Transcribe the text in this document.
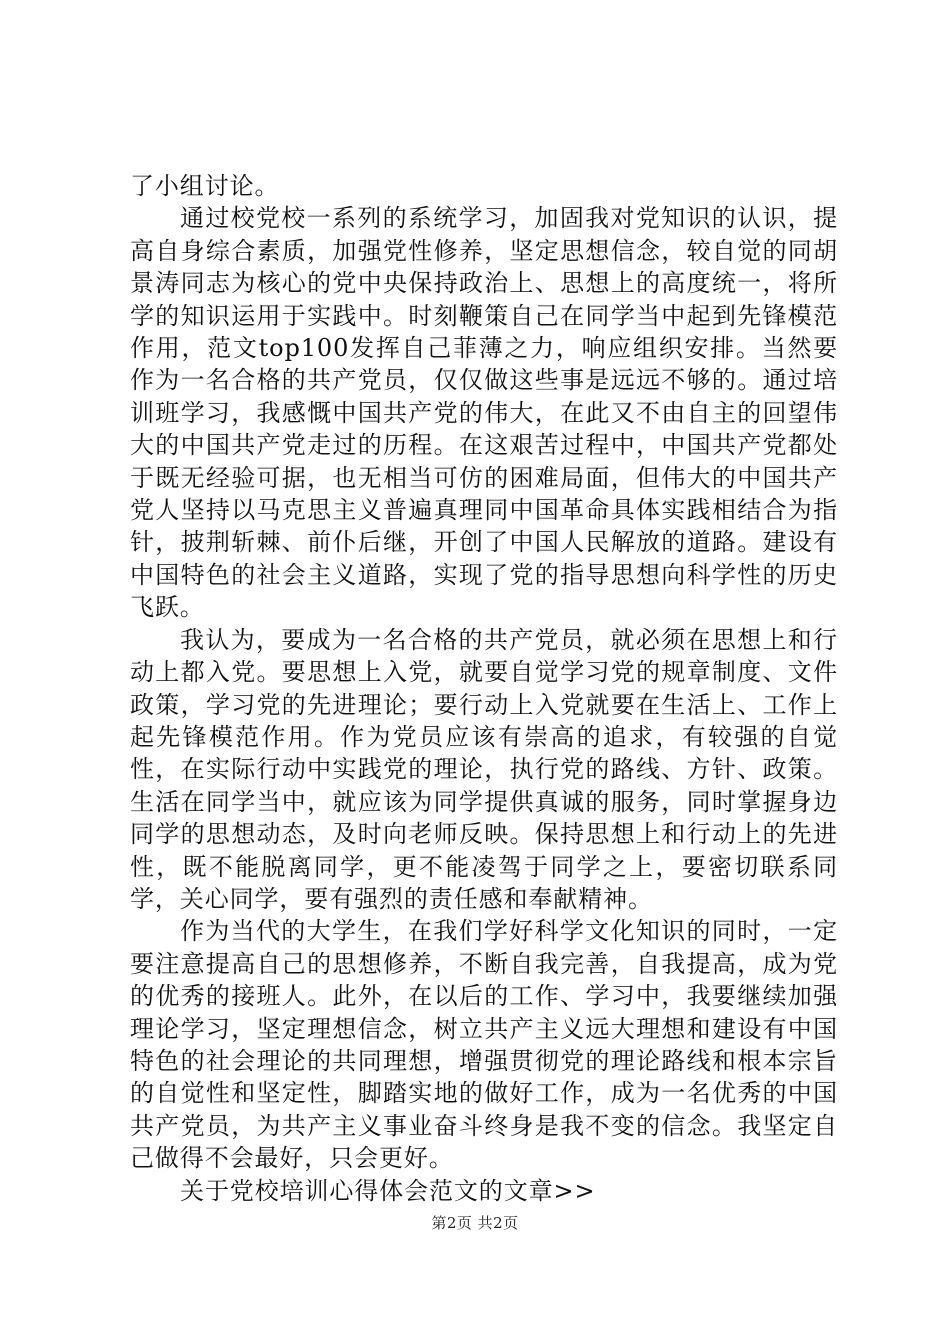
了小组讨论。

通过校党校一系列的系统学习，加固我对党知识的认识，提高自身综合素质，加强党性修养，坚定思想信念，较自觉的同胡景涛同志为核心的党中央保持政治上、思想上的高度统一，将所学的知识运用于实践中。时刻鞭策自己在同学当中起到先锋模范作用，范文top100发挥自己菲薄之力，响应组织安排。当然要作为一名合格的共产党员，仅仅做这些事是远远不够的。通过培训班学习，我感慨中国共产党的伟大，在此又不由自主的回望伟大的中国共产党走过的历程。在这艰苦过程中，中国共产党都处于既无经验可据，也无相当可仿的困难局面，但伟大的中国共产党人坚持以马克思主义普遍真理同中国革命具体实践相结合为指针，披荆斩棘、前仆后继，开创了中国人民解放的道路。建设有中国特色的社会主义道路，实现了党的指导思想向科学性的历史飞跃。

我认为，要成为一名合格的共产党员，就必须在思想上和行动上都入党。要思想上入党，就要自觉学习党的规章制度、文件政策，学习党的先进理论；要行动上入党就要在生活上、工作上起先锋模范作用。作为党员应该有崇高的追求，有较强的自觉性，在实际行动中实践党的理论，执行党的路线、方针、政策。生活在同学当中，就应该为同学提供真诚的服务，同时掌握身边同学的思想动态，及时向老师反映。保持思想上和行动上的先进性，既不能脱离同学，更不能凌驾于同学之上，要密切联系同学，关心同学，要有强烈的责任感和奉献精神。

作为当代的大学生，在我们学好科学文化知识的同时，一定要注意提高自己的思想修养，不断自我完善，自我提高，成为党的优秀的接班人。此外，在以后的工作、学习中，我要继续加强理论学习，坚定理想信念，树立共产主义远大理想和建设有中国特色的社会理论的共同理想，增强贯彻党的理论路线和根本宗旨的自觉性和坚定性，脚踏实地的做好工作，成为一名优秀的中国共产党员，为共产主义事业奋斗终身是我不变的信念。我坚定自己做得不会最好，只会更好。

关于党校培训心得体会范文的文章>>

第2页 共2页
